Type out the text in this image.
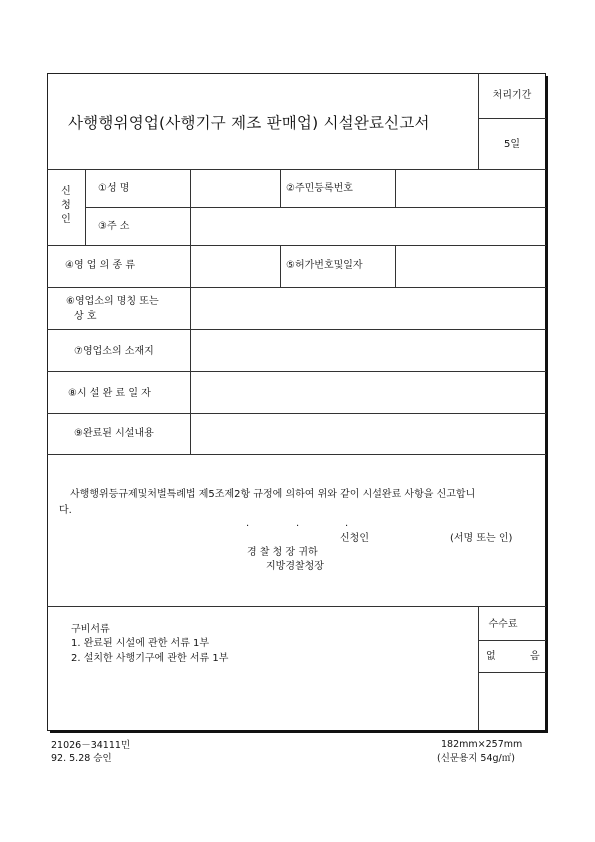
사행행위영업(사행기구 제조 판매업) 시설완료신고서
처리기간
5일
신
청
인
①성 명	②주민등록번호
③주 소
④영 업 의 종 류	⑤허가번호및일자
⑥영업소의 명칭 또는
상 호
⑦영업소의 소재지
⑧시 설 완 료 일 자
⑨완료된 시설내용
사행행위등규제및처벌특례법 제5조제2항 규정에 의하여 위와 같이 시설완료 사항을 신고합니
다.
.	.	.
신청인	(서명 또는 인)
경 찰 청 장 귀하
지방경찰청장
구비서류
1. 완료된 시설에 관한 서류 1부
2. 설치한 사행기구에 관한 서류 1부
수수료
없	음
21026－34111민
92. 5.28 승인
182mm×257mm
(신문용지 54g/㎡)
